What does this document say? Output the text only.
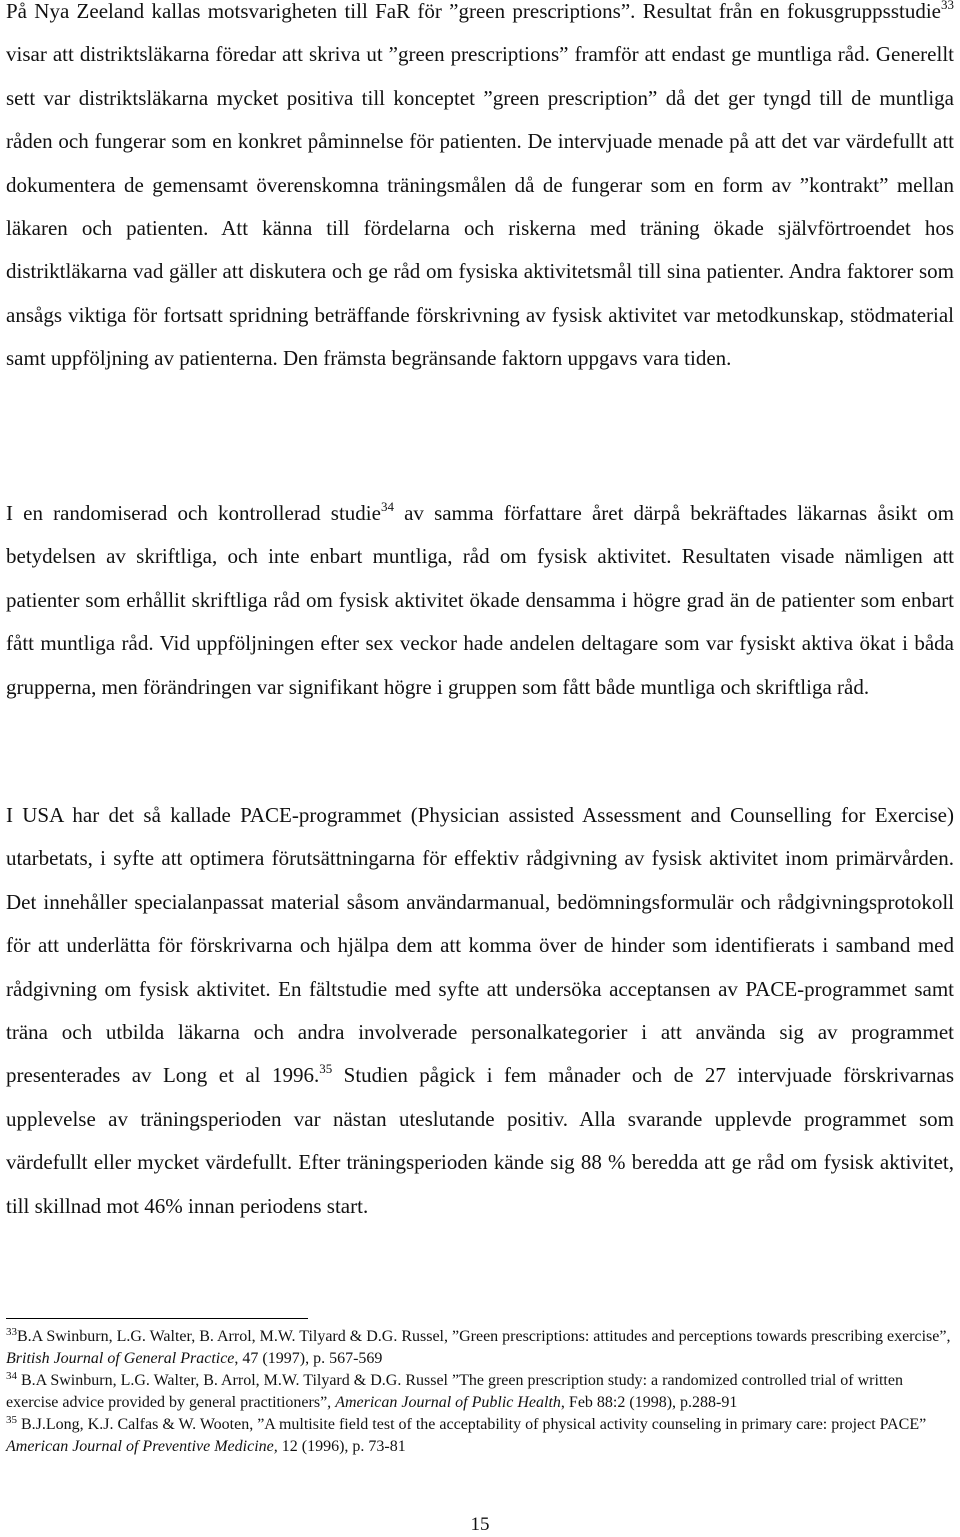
På Nya Zeeland kallas motsvarigheten till FaR för ”green prescriptions”. Resultat från en fokusgruppsstudie$^{33}$ visar att distriktsläkarna föredar att skriva ut ”green prescriptions” framför att endast ge muntliga råd. Generellt sett var distriktsläkarna mycket positiva till konceptet ”green prescription” då det ger tyngd till de muntliga råden och fungerar som en konkret påminnelse för patienten. De intervjuade menade på att det var värdefullt att dokumentera de gemensamt överenskomna träningsmålen då de fungerar som en form av ”kontrakt” mellan läkaren och patienten. Att känna till fördelarna och riskerna med träning ökade självförtroendet hos distriktläkarna vad gäller att diskutera och ge råd om fysiska aktivitetsmål till sina patienter. Andra faktorer som ansågs viktiga för fortsatt spridning beträffande förskrivning av fysisk aktivitet var metodkunskap, stödmaterial samt uppföljning av patienterna. Den främsta begränsande faktorn uppgavs vara tiden.

I en randomiserad och kontrollerad studie$^{34}$ av samma författare året därpå bekräftades läkarnas åsikt om betydelsen av skriftliga, och inte enbart muntliga, råd om fysisk aktivitet. Resultaten visade nämligen att patienter som erhållit skriftliga råd om fysisk aktivitet ökade densamma i högre grad än de patienter som enbart fått muntliga råd. Vid uppföljningen efter sex veckor hade andelen deltagare som var fysiskt aktiva ökat i båda grupperna, men förändringen var signifikant högre i gruppen som fått både muntliga och skriftliga råd.

I USA har det så kallade PACE-programmet (Physician assisted Assessment and Counselling for Exercise) utarbetats, i syfte att optimera förutsättningarna för effektiv rådgivning av fysisk aktivitet inom primärvården. Det innehåller specialanpassat material såsom användarmanual, bedömningsformulär och rådgivningsprotokoll för att underlätta för förskrivarna och hjälpa dem att komma över de hinder som identifierats i samband med rådgivning om fysisk aktivitet. En fältstudie med syfte att undersöka acceptansen av PACE-programmet samt träna och utbilda läkarna och andra involverade personalkategorier i att använda sig av programmet presenterades av Long et al 1996.35 Studien pågick i fem månader och de 27 intervjuade förskrivarnas upplevelse av träningsperioden var nästan uteslutande positiv. Alla svarande upplevde programmet som värdefullt eller mycket värdefullt. Efter träningsperioden kände sig 88 % beredda att ge råd om fysisk aktivitet, till skillnad mot 46% innan periodens start.

$^{33}$B.A Swinburn, L.G. Walter, B. Arrol, M.W. Tilyard & D.G. Russel, ”Green prescriptions: attitudes and perceptions towards prescribing exercise”, British Journal of General Practice, 47 (1997), p. 567-569

$^{34}$ B.A Swinburn, L.G. Walter, B. Arrol, M.W. Tilyard & D.G. Russel ”The green prescription study: a randomized controlled trial of written exercise advice provided by general practitioners”, American Journal of Public Health, Feb 88:2 (1998), p.288-91

$^{35}$ B.J.Long, K.J. Calfas & W. Wooten, ”A multisite field test of the acceptability of physical activity counseling in primary care: project PACE” American Journal of Preventive Medicine, 12 (1996), p. 73-81

15
